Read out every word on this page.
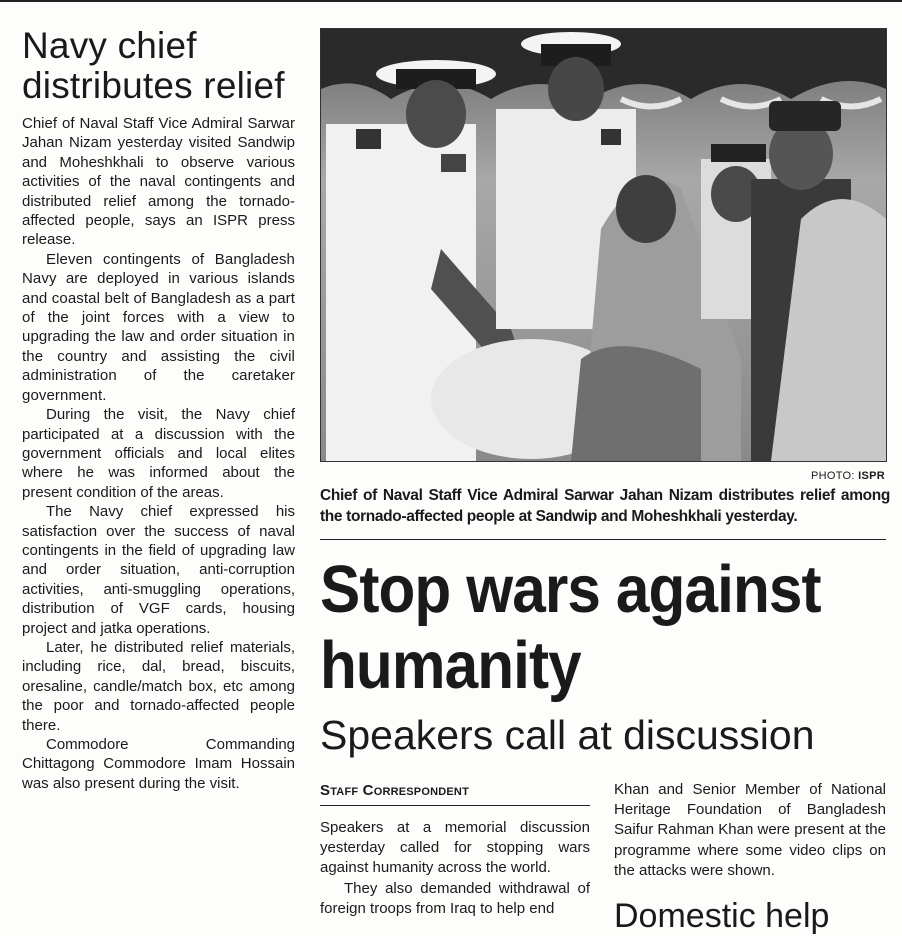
Navy chief distributes relief

Chief of Naval Staff Vice Admiral Sarwar Jahan Nizam yesterday visited Sandwip and Moheshkhali to observe various activities of the naval contingents and distributed relief among the tornado-affected people, says an ISPR press release.

Eleven contingents of Bangladesh Navy are deployed in various islands and coastal belt of Bangladesh as a part of the joint forces with a view to upgrading the law and order situation in the country and assisting the civil administration of the caretaker government.

During the visit, the Navy chief participated at a discussion with the government officials and local elites where he was informed about the present condition of the areas.

The Navy chief expressed his satisfaction over the success of naval contingents in the field of upgrading law and order situation, anti-corruption activities, anti-smuggling operations, distribution of VGF cards, housing project and jatka operations.

Later, he distributed relief materials, including rice, dal, bread, biscuits, oresaline, candle/match box, etc among the poor and tornado-affected people there.

Commodore Commanding Chittagong Commodore Imam Hossain was also present during the visit.

PHOTO: ISPR
Chief of Naval Staff Vice Admiral Sarwar Jahan Nizam distributes relief among the tornado-affected people at Sandwip and Moheshkhali yesterday.
Stop wars against humanity
Speakers call at discussion
Staff Correspondent

Speakers at a memorial discussion yesterday called for stopping wars against humanity across the world.

They also demanded withdrawal of foreign troops from Iraq to help end

Khan and Senior Member of National Heritage Foundation of Bangladesh Saifur Rahman Khan were present at the programme where some video clips on the attacks were shown.

Domestic help
